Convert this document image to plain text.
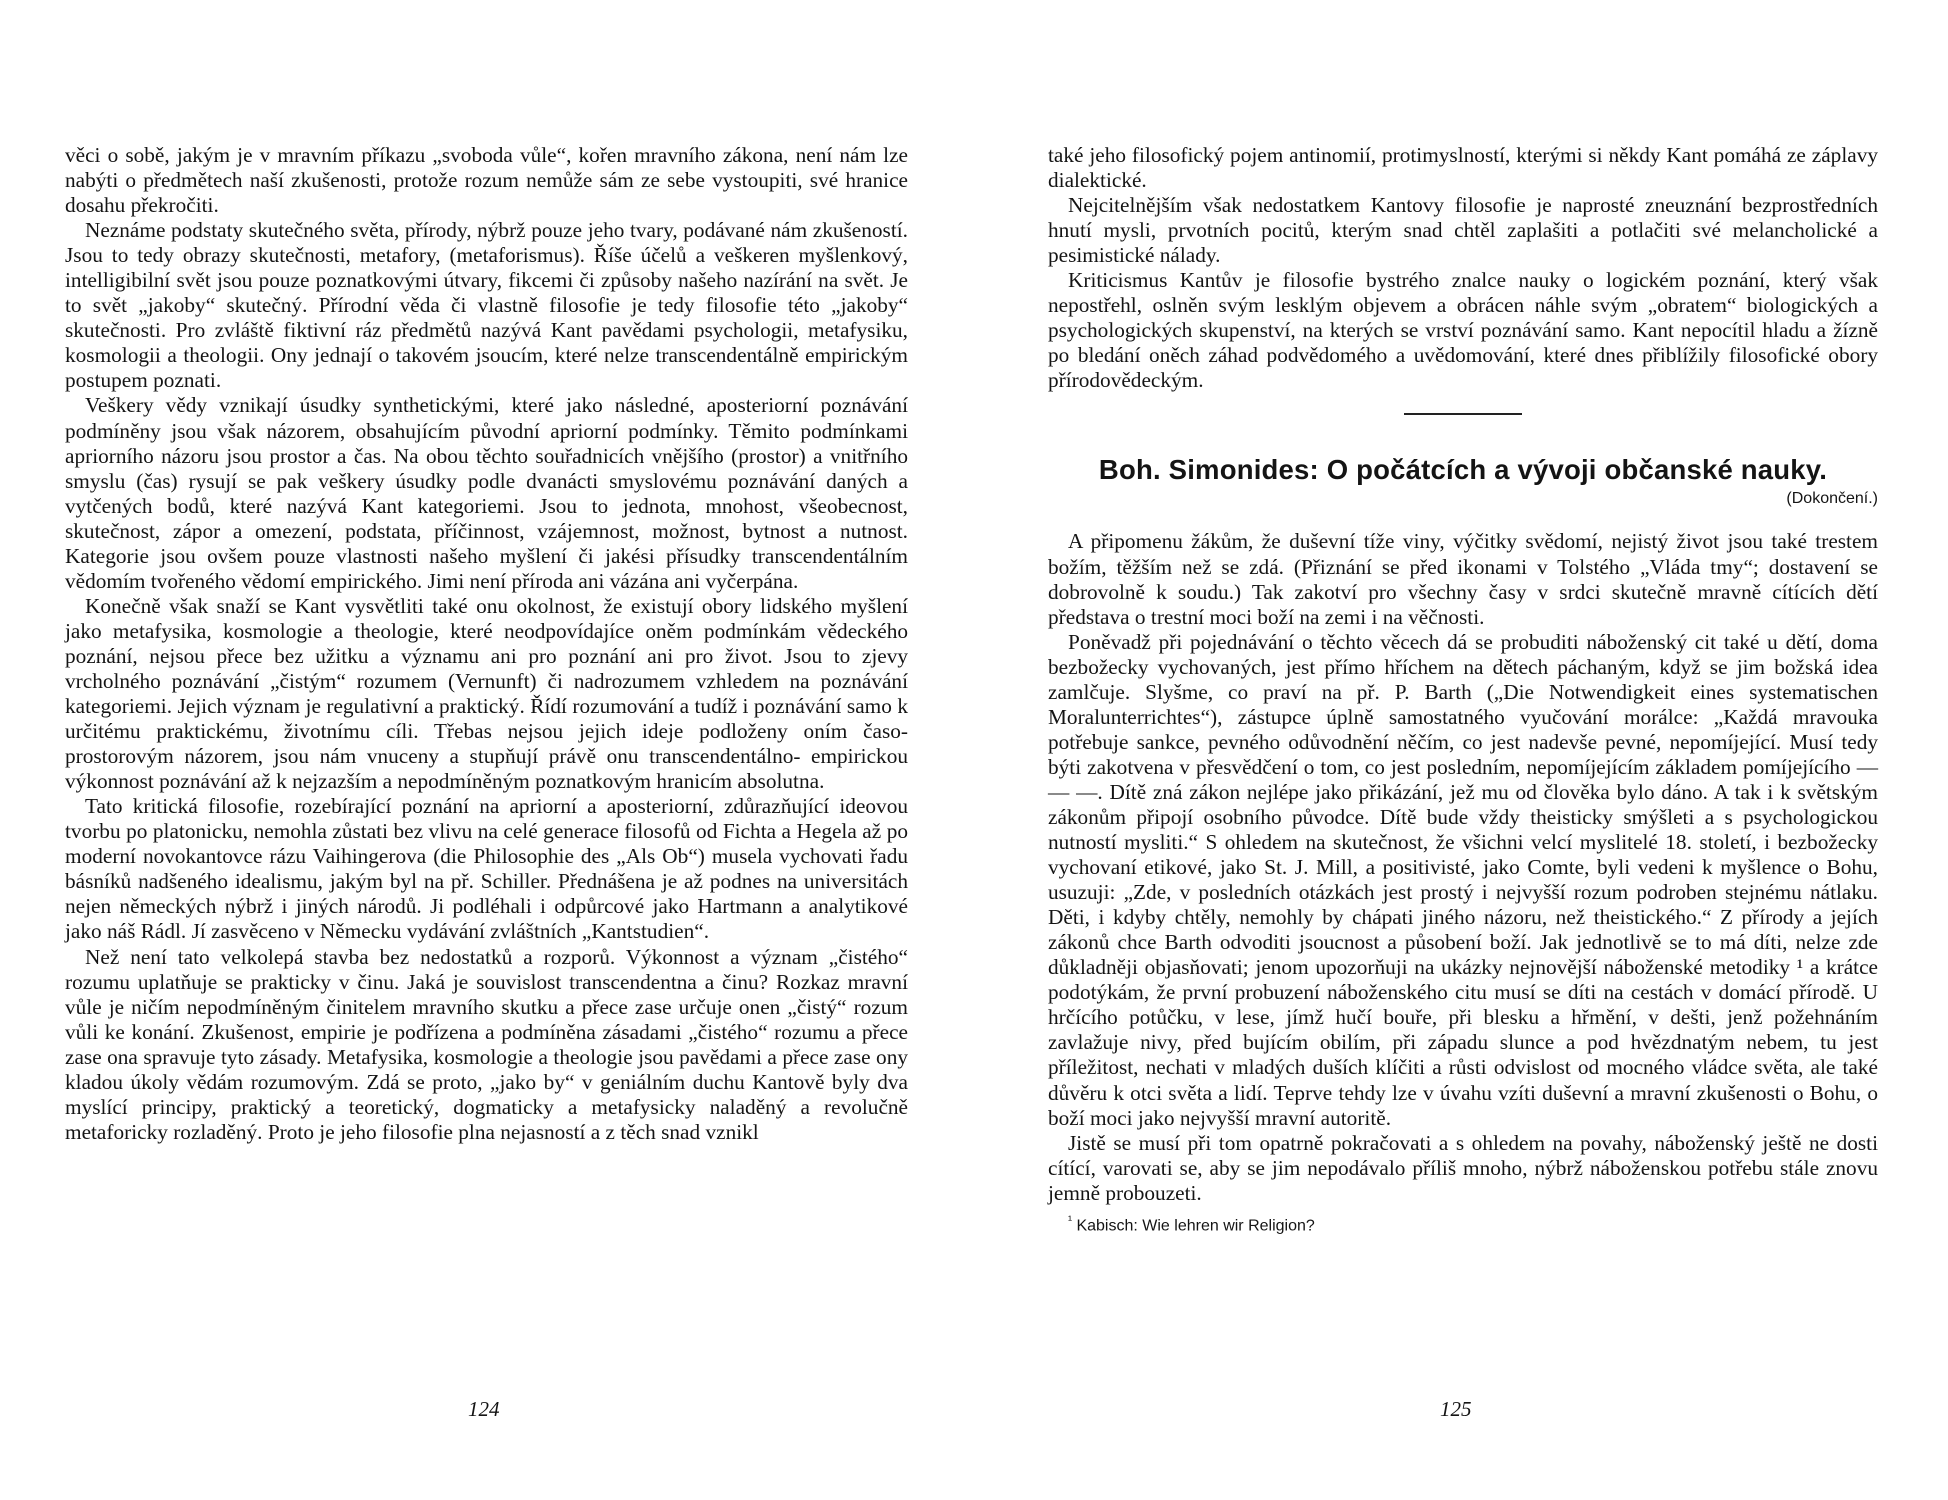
věci o sobě, jakým je v mravním příkazu „svoboda vůle“, kořen mravního zákona, není nám lze nabýti o předmětech naší zkušenosti, protože rozum nemůže sám ze sebe vystoupiti, své hranice dosahu překročiti.

Neznáme podstaty skutečného světa, přírody, nýbrž pouze jeho tvary, podávané nám zkušeností. Jsou to tedy obrazy skutečnosti, metafory, (metaforismus). Říše účelů a veškeren myšlenkový, intelligibilní svět jsou pouze poznatkovými útvary, fikcemi či způsoby našeho nazírání na svět. Je to svět „jakoby“ skutečný. Přírodní věda či vlastně filosofie je tedy filosofie této „jakoby“ skutečnosti. Pro zvláště fiktivní ráz předmětů nazývá Kant pavědami psychologii, metafysiku, kosmologii a theologii. Ony jednají o takovém jsoucím, které nelze transcendentálně empirickým postupem poznati.

Veškery vědy vznikají úsudky synthetickými, které jako následné, aposteriorní poznávání podmíněny jsou však názorem, obsahujícím původní apriorní podmínky. Těmito podmínkami apriorního názoru jsou prostor a čas. Na obou těchto souřadnicích vnějšího (prostor) a vnitřního smyslu (čas) rysují se pak veškery úsudky podle dvanácti smyslovému poznávání daných a vytčených bodů, které nazývá Kant kategoriemi. Jsou to jednota, mnohost, všeobecnost, skutečnost, zápor a omezení, podstata, příčinnost, vzájemnost, možnost, bytnost a nutnost. Kategorie jsou ovšem pouze vlastnosti našeho myšlení či jakési přísudky transcendentálním vědomím tvořeného vědomí empirického. Jimi není příroda ani vázána ani vyčerpána.

Konečně však snaží se Kant vysvětliti také onu okolnost, že existují obory lidského myšlení jako metafysika, kosmologie a theologie, které neodpovídajíce oněm podmínkám vědeckého poznání, nejsou přece bez užitku a významu ani pro poznání ani pro život. Jsou to zjevy vrcholného poznávání „čistým“ rozumem (Vernunft) či nadrozumem vzhledem na poznávání kategoriemi. Jejich význam je regulativní a praktický. Řídí rozumování a tudíž i poznávání samo k určitému praktickému, životnímu cíli. Třebas nejsou jejich ideje podloženy oním časo-prostorovým názorem, jsou nám vnuceny a stupňují právě onu transcendentálno- empirickou výkonnost poznávání až k nejzazším a nepodmíněným poznatkovým hranicím absolutna.

Tato kritická filosofie, rozebírající poznání na apriorní a aposteriorní, zdůrazňující ideovou tvorbu po platonicku, nemohla zůstati bez vlivu na celé generace filosofů od Fichta a Hegela až po moderní novokantovce rázu Vaihingerova (die Philosophie des „Als Ob“) musela vychovati řadu básníků nadšeného idealismu, jakým byl na př. Schiller. Přednášena je až podnes na universitách nejen německých nýbrž i jiných národů. Ji podléhali i odpůrcové jako Hartmann a analytikové jako náš Rádl. Jí zasvěceno v Německu vydávání zvláštních „Kantstudien“.

Než není tato velkolepá stavba bez nedostatků a rozporů. Výkonnost a význam „čistého“ rozumu uplatňuje se prakticky v činu. Jaká je souvislost transcendentna a činu? Rozkaz mravní vůle je ničím nepodmíněným činitelem mravního skutku a přece zase určuje onen „čistý“ rozum vůli ke konání. Zkušenost, empirie je podřízena a podmíněna zásadami „čistého“ rozumu a přece zase ona spravuje tyto zásady. Metafysika, kosmologie a theologie jsou pavědami a přece zase ony kladou úkoly vědám rozumovým. Zdá se proto, „jako by“ v geniálním duchu Kantově byly dva myslící principy, praktický a teoretický, dogmaticky a metafysicky naladěný a revolučně metaforicky rozladěný. Proto je jeho filosofie plna nejasností a z těch snad vznikl

124

také jeho filosofický pojem antinomií, protimyslností, kterými si někdy Kant pomáhá ze záplavy dialektické.

Nejcitelnějším však nedostatkem Kantovy filosofie je naprosté zneuznání bezprostředních hnutí mysli, prvotních pocitů, kterým snad chtěl zaplašiti a potlačiti své melancholické a pesimistické nálady.

Kriticismus Kantův je filosofie bystrého znalce nauky o logickém poznání, který však nepostřehl, oslněn svým lesklým objevem a obrácen náhle svým „obratem“ biologických a psychologických skupenství, na kterých se vrství poznávání samo. Kant nepocítil hladu a žízně po bledání oněch záhad podvědomého a uvědomování, které dnes přiblížily filosofické obory přírodovědeckým.

Boh. Simonides: O počátcích a vývoji občanské nauky.
(Dokončení.)

A připomenu žákům, že duševní tíže viny, výčitky svědomí, nejistý život jsou také trestem božím, těžším než se zdá. (Přiznání se před ikonami v Tolstého „Vláda tmy“; dostavení se dobrovolně k soudu.) Tak zakotví pro všechny časy v srdci skutečně mravně cítících dětí představa o trestní moci boží na zemi i na věčnosti.

Poněvadž při pojednávání o těchto věcech dá se probuditi náboženský cit také u dětí, doma bezbožecky vychovaných, jest přímo hříchem na dětech páchaným, když se jim božská idea zamlčuje. Slyšme, co praví na př. P. Barth („Die Notwendigkeit eines systematischen Moralunterrichtes“), zástupce úplně samostatného vyučování morálce: „Každá mravouka potřebuje sankce, pevného odůvodnění něčím, co jest nadevše pevné, nepomíjející. Musí tedy býti zakotvena v přesvědčení o tom, co jest posledním, nepomíjejícím základem pomíjejícího — — —. Dítě zná zákon nejlépe jako přikázání, jež mu od člověka bylo dáno. A tak i k světským zákonům připojí osobního původce. Dítě bude vždy theisticky smýšleti a s psychologickou nutností mysliti.“ S ohledem na skutečnost, že všichni velcí myslitelé 18. století, i bezbožecky vychovaní etikové, jako St. J. Mill, a positivisté, jako Comte, byli vedeni k myšlence o Bohu, usuzuji: „Zde, v posledních otázkách jest prostý i nejvyšší rozum podroben stejnému nátlaku. Děti, i kdyby chtěly, nemohly by chápati jiného názoru, než theistického.“ Z přírody a jejích zákonů chce Barth odvoditi jsoucnost a působení boží. Jak jednotlivě se to má díti, nelze zde důkladněji objasňovati; jenom upozorňuji na ukázky nejnovější náboženské metodiky ¹ a krátce podotýkám, že první probuzení náboženského citu musí se díti na cestách v domácí přírodě. U hrčícího potůčku, v lese, jímž hučí bouře, při blesku a hřmění, v dešti, jenž požehnáním zavlažuje nivy, před bujícím obilím, při západu slunce a pod hvězdnatým nebem, tu jest příležitost, nechati v mladých duších klíčiti a růsti odvislost od mocného vládce světa, ale také důvěru k otci světa a lidí. Teprve tehdy lze v úvahu vzíti duševní a mravní zkušenosti o Bohu, o boží moci jako nejvyšší mravní autoritě.

Jistě se musí při tom opatrně pokračovati a s ohledem na povahy, náboženský ještě ne dosti cítící, varovati se, aby se jim nepodávalo příliš mnoho, nýbrž náboženskou potřebu stále znovu jemně probouzeti.

$^{^1}$ Kabisch: Wie lehren wir Religion?
125
